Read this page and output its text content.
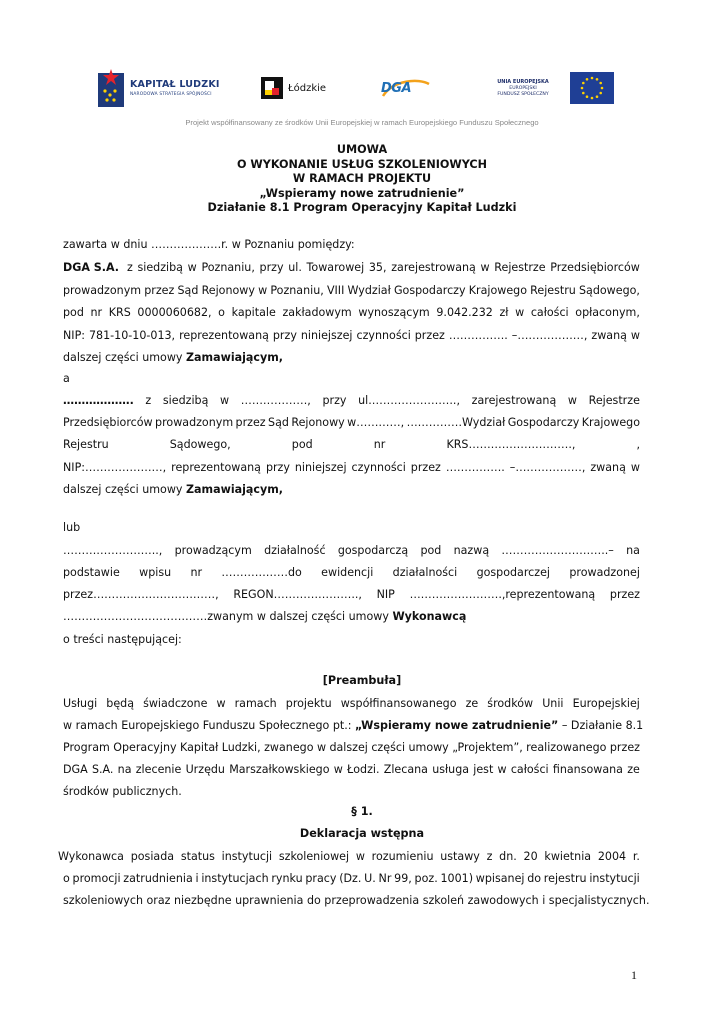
KAPITAŁ LUDZKI
NARODOWA STRATEGIA SPÓJNOŚCI
Łódzkie	DGA	UNIA EUROPEJSKA
EUROPEJSKI
FUNDUSZ SPOŁECZNY
Projekt współfinansowany ze środków Unii Europejskiej w ramach Europejskiego Funduszu Społecznego
UMOWA
O WYKONANIE USŁUG SZKOLENIOWYCH
W RAMACH PROJEKTU
„Wspieramy nowe zatrudnienie”
Działanie 8.1 Program Operacyjny Kapitał Ludzki
zawarta w dniu ……………….r. w Poznaniu pomiędzy:
DGA S.A. z siedzibą w Poznaniu, przy ul. Towarowej 35, zarejestrowaną w Rejestrze Przedsiębiorców
prowadzonym przez Sąd Rejonowy w Poznaniu, VIII Wydział Gospodarczy Krajowego Rejestru Sądowego,
pod nr KRS 0000060682, o kapitale zakładowym wynoszącym 9.042.232 zł w całości opłaconym,
NIP: 781-10-10-013, reprezentowaną przy niniejszej czynności przez ……………. –………………, zwaną w
dalszej części umowy Zamawiającym,
a
………………. z siedzibą w ………………, przy ul.………………….., zarejestrowaną w Rejestrze
Przedsiębiorców prowadzonym przez Sąd Rejonowy w…………, ……………Wydział Gospodarczy Krajowego
Rejestru	Sądowego,	pod	nr	KRS……………………….,	,
NIP:…………………, reprezentowaną przy niniejszej czynności przez ……………. –………………, zwaną w
dalszej części umowy Zamawiającym,
lub
…………………….., prowadzącym działalność gospodarczą pod nazwą ………………………..– na
podstawie wpisu nr ………………do ewidencji działalności gospodarczej prowadzonej
przez……………………………, REGON………………….., NIP …………………….,reprezentowaną przez
…………………………………zwanym w dalszej części umowy Wykonawcą
o treści następującej:
[Preambuła]
Usługi będą świadczone w ramach projektu współfinansowanego ze środków Unii Europejskiej
w ramach Europejskiego Funduszu Społecznego pt.: „Wspieramy nowe zatrudnienie” – Działanie 8.1
Program Operacyjny Kapitał Ludzki, zwanego w dalszej części umowy „Projektem”, realizowanego przez
DGA S.A. na zlecenie Urzędu Marszałkowskiego w Łodzi. Zlecana usługa jest w całości finansowana ze
środków publicznych.
§ 1.
Deklaracja wstępna
Wykonawca posiada status instytucji szkoleniowej w rozumieniu ustawy z dn. 20 kwietnia 2004 r.
o promocji zatrudnienia i instytucjach rynku pracy (Dz. U. Nr 99, poz. 1001) wpisanej do rejestru instytucji
szkoleniowych oraz niezbędne uprawnienia do przeprowadzenia szkoleń zawodowych i specjalistycznych.
1
